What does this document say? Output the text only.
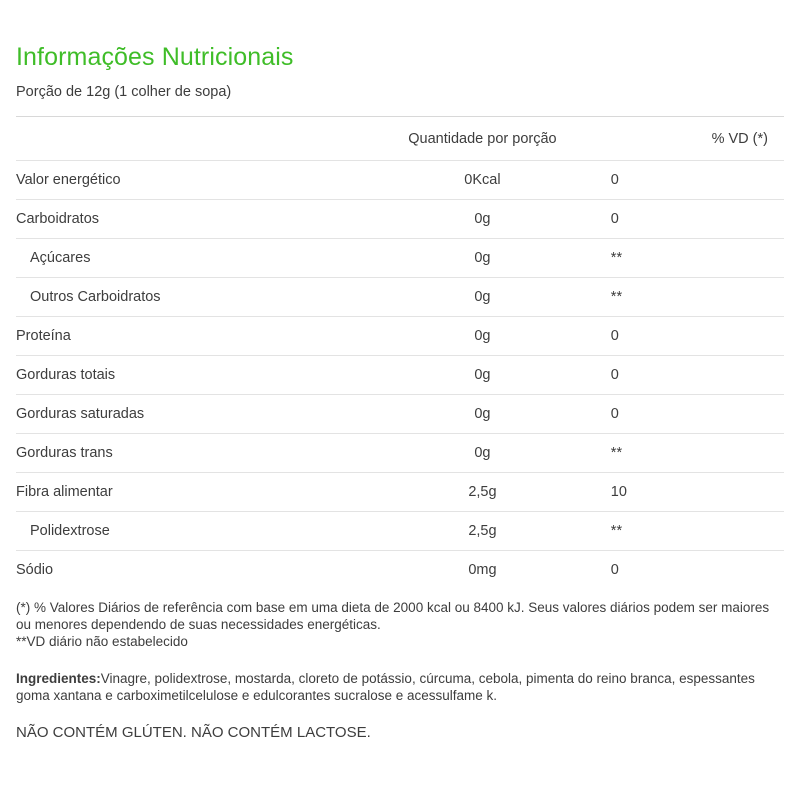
Informações Nutricionais

Porção de 12g (1 colher de sopa)

	Quantidade por porção	% VD (*)
Valor energético	0Kcal	0
Carboidratos	0g	0
Açúcares	0g	**
Outros Carboidratos	0g	**
Proteína	0g	0
Gorduras totais	0g	0
Gorduras saturadas	0g	0
Gorduras trans	0g	**
Fibra alimentar	2,5g	10
Polidextrose	2,5g	**
Sódio	0mg	0
(*) % Valores Diários de referência com base em uma dieta de 2000 kcal ou 8400 kJ. Seus valores diários podem ser maiores ou menores dependendo de suas necessidades energéticas.
**VD diário não estabelecido
Ingredientes:Vinagre, polidextrose, mostarda, cloreto de potássio, cúrcuma, cebola, pimenta do reino branca, espessantes goma xantana e carboximetilcelulose e edulcorantes sucralose e acessulfame k.
NÃO CONTÉM GLÚTEN. NÃO CONTÉM LACTOSE.
